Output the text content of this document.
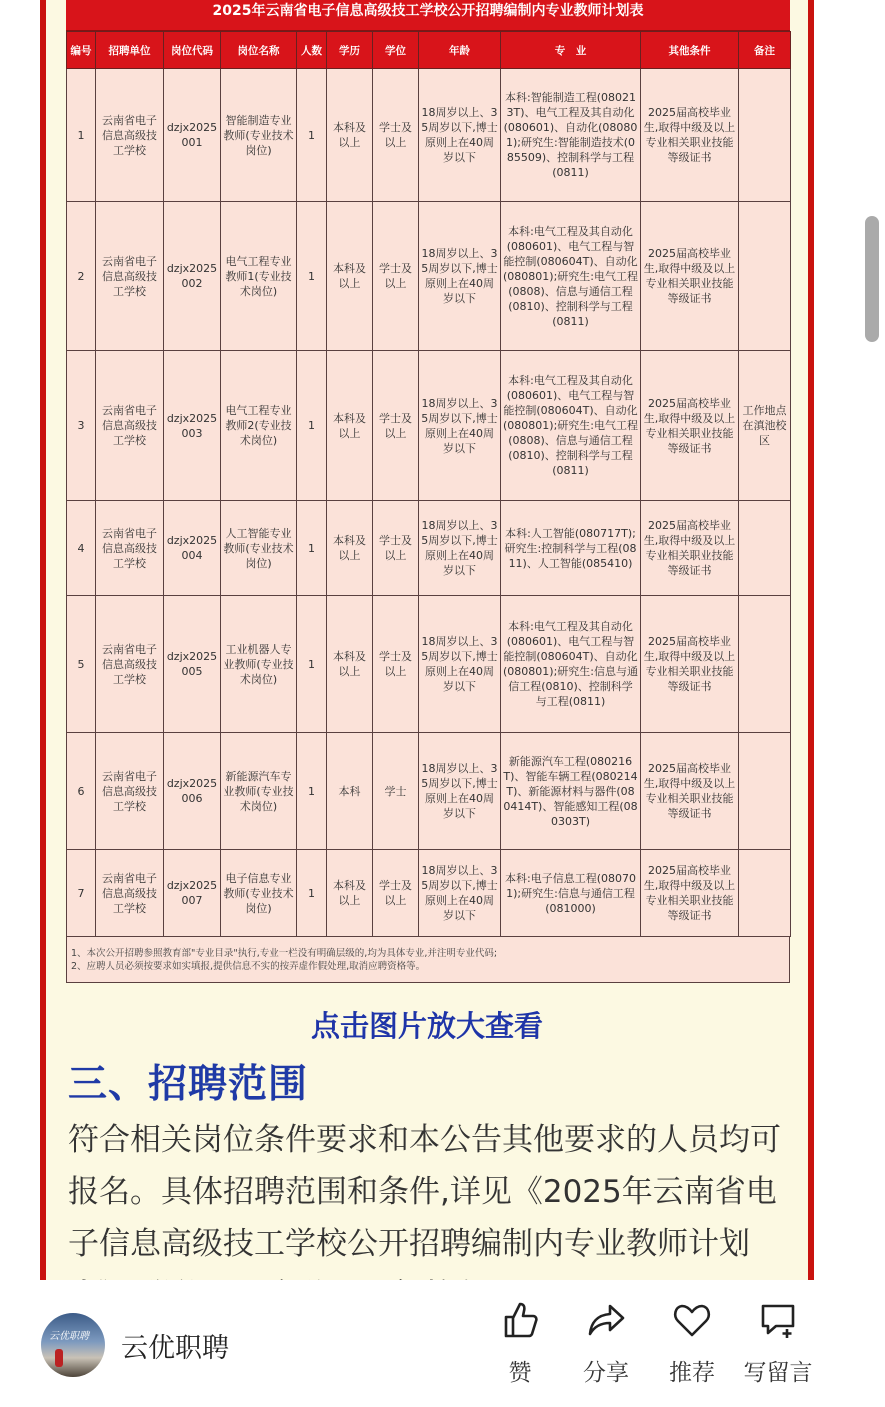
2025年云南省电子信息高级技工学校公开招聘编制内专业教师计划表
编号	招聘单位	岗位代码	岗位名称	人数	学历	学位	年龄	专　业	其他条件	备注
1	云南省电子信息高级技工学校	dzjx2025001	智能制造专业教师(专业技术岗位)	1	本科及以上	学士及以上	18周岁以上、35周岁以下,博士原则上在40周岁以下	本科:智能制造工程(080213T)、电气工程及其自动化(080601)、自动化(080801);研究生:智能制造技术(085509)、控制科学与工程(0811)	2025届高校毕业生,取得中级及以上专业相关职业技能等级证书	
2	云南省电子信息高级技工学校	dzjx2025002	电气工程专业教师1(专业技术岗位)	1	本科及以上	学士及以上	18周岁以上、35周岁以下,博士原则上在40周岁以下	本科:电气工程及其自动化(080601)、电气工程与智能控制(080604T)、自动化(080801);研究生:电气工程(0808)、信息与通信工程(0810)、控制科学与工程(0811)	2025届高校毕业生,取得中级及以上专业相关职业技能等级证书	
3	云南省电子信息高级技工学校	dzjx2025003	电气工程专业教师2(专业技术岗位)	1	本科及以上	学士及以上	18周岁以上、35周岁以下,博士原则上在40周岁以下	本科:电气工程及其自动化(080601)、电气工程与智能控制(080604T)、自动化(080801);研究生:电气工程(0808)、信息与通信工程(0810)、控制科学与工程(0811)	2025届高校毕业生,取得中级及以上专业相关职业技能等级证书	工作地点在滇池校区
4	云南省电子信息高级技工学校	dzjx2025004	人工智能专业教师(专业技术岗位)	1	本科及以上	学士及以上	18周岁以上、35周岁以下,博士原则上在40周岁以下	本科:人工智能(080717T);研究生:控制科学与工程(0811)、人工智能(085410)	2025届高校毕业生,取得中级及以上专业相关职业技能等级证书	
5	云南省电子信息高级技工学校	dzjx2025005	工业机器人专业教师(专业技术岗位)	1	本科及以上	学士及以上	18周岁以上、35周岁以下,博士原则上在40周岁以下	本科:电气工程及其自动化(080601)、电气工程与智能控制(080604T)、自动化(080801);研究生:信息与通信工程(0810)、控制科学与工程(0811)	2025届高校毕业生,取得中级及以上专业相关职业技能等级证书	
6	云南省电子信息高级技工学校	dzjx2025006	新能源汽车专业教师(专业技术岗位)	1	本科	学士	18周岁以上、35周岁以下,博士原则上在40周岁以下	新能源汽车工程(080216T)、智能车辆工程(080214T)、新能源材料与器件(080414T)、智能感知工程(080303T)	2025届高校毕业生,取得中级及以上专业相关职业技能等级证书	
7	云南省电子信息高级技工学校	dzjx2025007	电子信息专业教师(专业技术岗位)	1	本科及以上	学士及以上	18周岁以上、35周岁以下,博士原则上在40周岁以下	本科:电子信息工程(080701);研究生:信息与通信工程(081000)	2025届高校毕业生,取得中级及以上专业相关职业技能等级证书	
1、本次公开招聘参照教育部"专业目录"执行,专业一栏没有明确层级的,均为具体专业,并注明专业代码;
2、应聘人员必须按要求如实填报,提供信息不实的按弄虚作假处理,取消应聘资格等。
点击图片放大查看
三、招聘范围
符合相关岗位条件要求和本公告其他要求的人员均可报名。具体招聘范围和条件,详见《2025年云南省电子信息高级技工学校公开招聘编制内专业教师计划
云优职聘 云优职聘
赞	分享	推荐	写留言
